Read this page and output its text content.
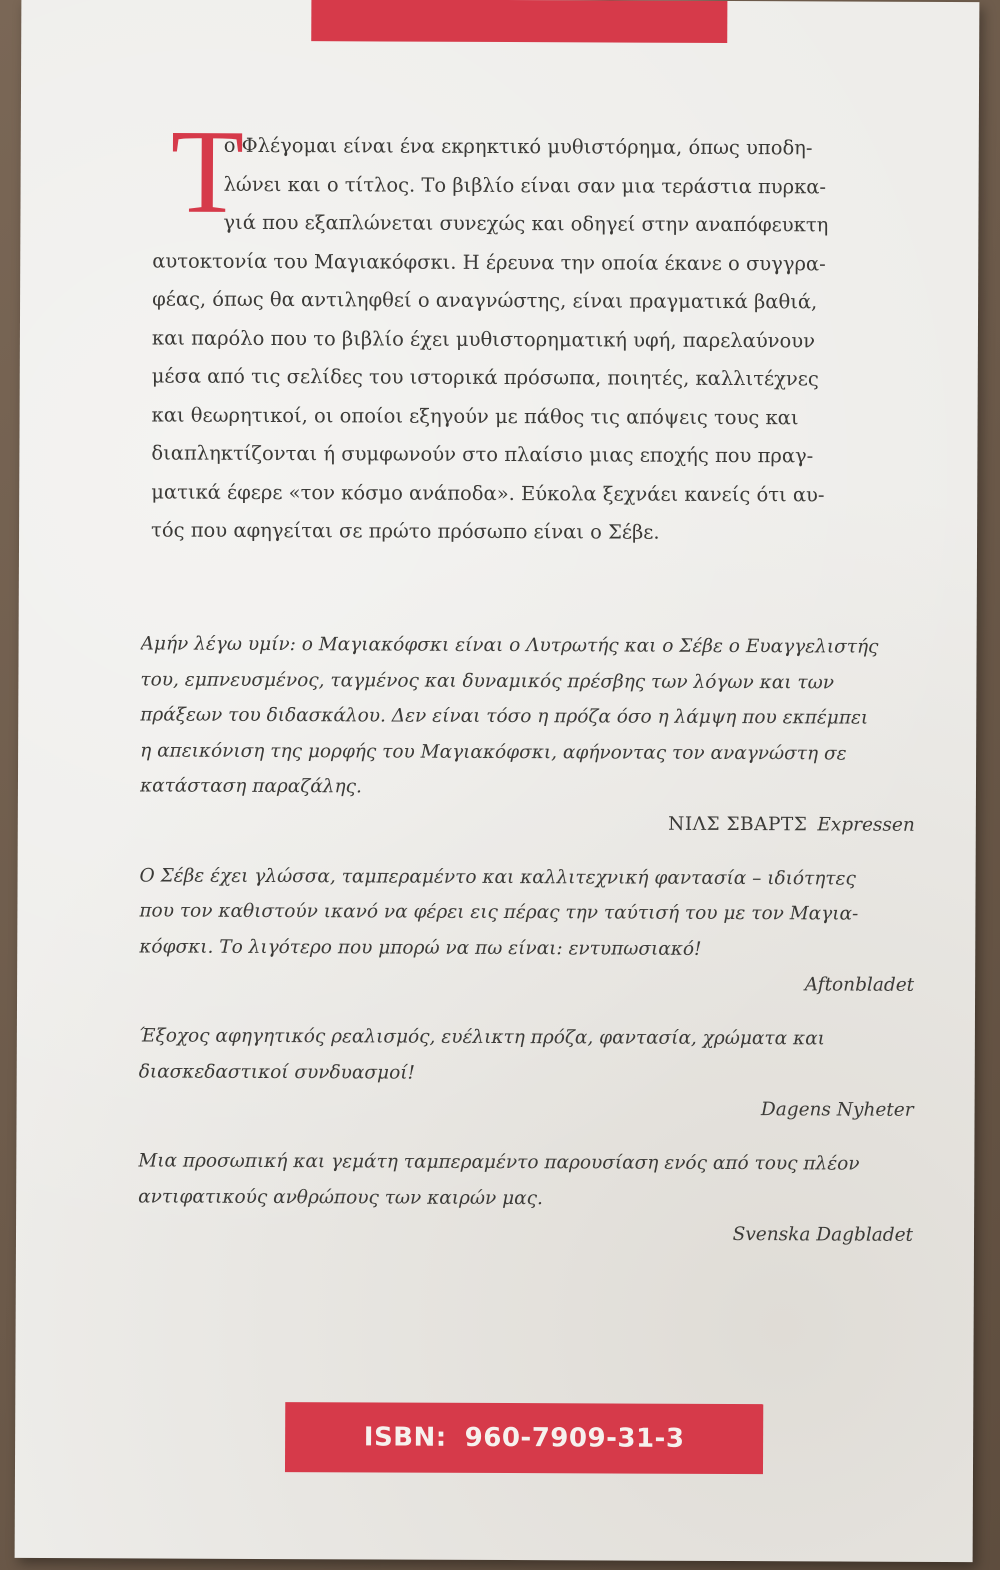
Τ
ο Φλέγομαι είναι ένα εκρηκτικό μυθιστόρημα, όπως υποδη-
λώνει και ο τίτλος. Το βιβλίο είναι σαν μια τεράστια πυρκα-
γιά που εξαπλώνεται συνεχώς και οδηγεί στην αναπόφευκτη
αυτοκτονία του Μαγιακόφσκι. Η έρευνα την οποία έκανε ο συγγρα-
φέας, όπως θα αντιληφθεί ο αναγνώστης, είναι πραγματικά βαθιά,
και παρόλο που το βιβλίο έχει μυθιστορηματική υφή, παρελαύνουν
μέσα από τις σελίδες του ιστορικά πρόσωπα, ποιητές, καλλιτέχνες
και θεωρητικοί, οι οποίοι εξηγούν με πάθος τις απόψεις τους και
διαπληκτίζονται ή συμφωνούν στο πλαίσιο μιας εποχής που πραγ-
ματικά έφερε «τον κόσμο ανάποδα». Εύκολα ξεχνάει κανείς ότι αυ-
τός που αφηγείται σε πρώτο πρόσωπο είναι ο Σέβε.
Αμήν λέγω υμίν: ο Μαγιακόφσκι είναι ο Λυτρωτής και ο Σέβε ο Ευαγγελιστής
του, εμπνευσμένος, ταγμένος και δυναμικός πρέσβης των λόγων και των
πράξεων του διδασκάλου. Δεν είναι τόσο η πρόζα όσο η λάμψη που εκπέμπει
η απεικόνιση της μορφής του Μαγιακόφσκι, αφήνοντας τον αναγνώστη σε
κατάσταση παραζάλης.
ΝΙΛΣ ΣΒΑΡΤΣ Expressen
Ο Σέβε έχει γλώσσα, ταμπεραμέντο και καλλιτεχνική φαντασία – ιδιότητες
που τον καθιστούν ικανό να φέρει εις πέρας την ταύτισή του με τον Μαγια-
κόφσκι. Το λιγότερο που μπορώ να πω είναι: εντυπωσιακό!
Aftonbladet
Έξοχος αφηγητικός ρεαλισμός, ευέλικτη πρόζα, φαντασία, χρώματα και
διασκεδαστικοί συνδυασμοί!
Dagens Nyheter
Μια προσωπική και γεμάτη ταμπεραμέντο παρουσίαση ενός από τους πλέον
αντιφατικούς ανθρώπους των καιρών μας.
Svenska Dagbladet
ISBN: 960-7909-31-3
